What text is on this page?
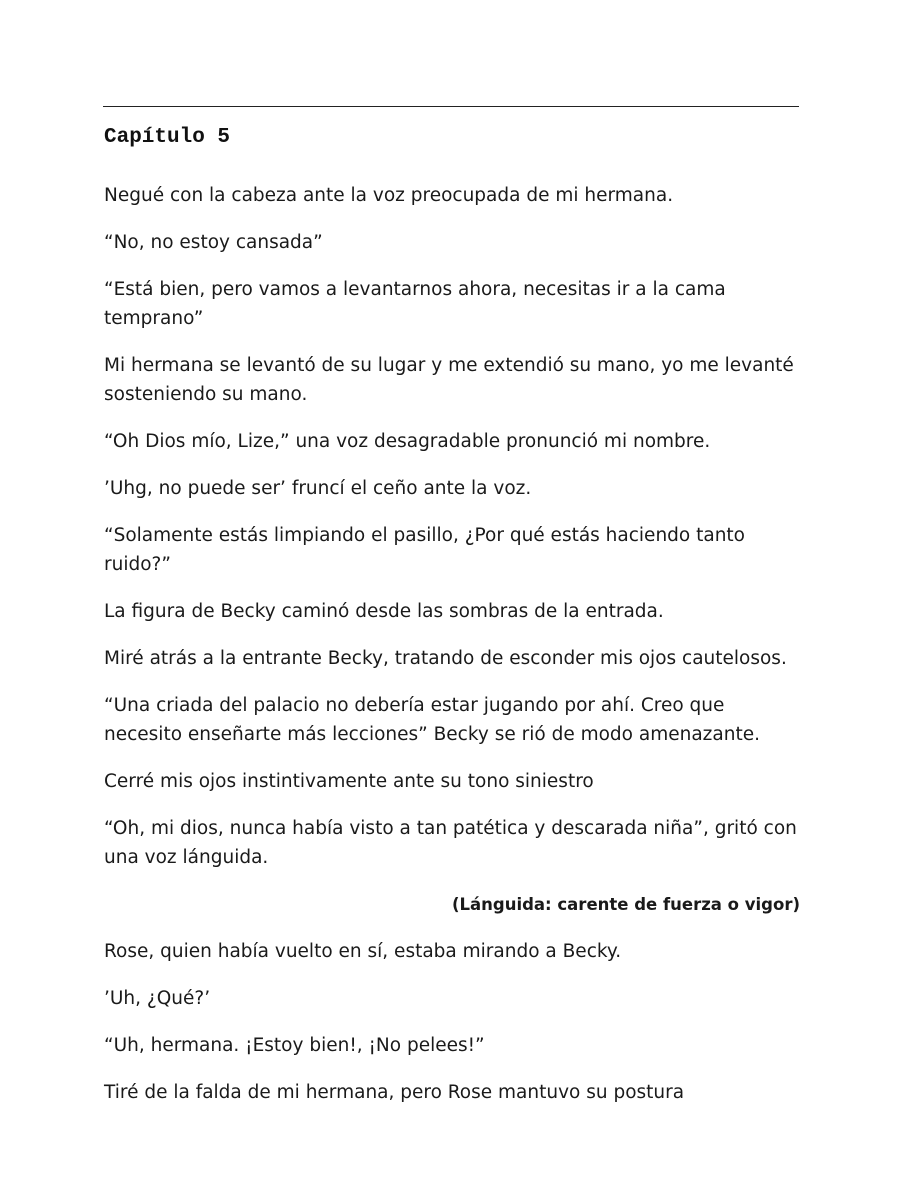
Capítulo 5

Negué con la cabeza ante la voz preocupada de mi hermana.

“No, no estoy cansada”

“Está bien, pero vamos a levantarnos ahora, necesitas ir a la cama temprano”

Mi hermana se levantó de su lugar y me extendió su mano, yo me levanté sosteniendo su mano.

“Oh Dios mío, Lize,” una voz desagradable pronunció mi nombre.

’Uhg, no puede ser’ fruncí el ceño ante la voz.

“Solamente estás limpiando el pasillo, ¿Por qué estás haciendo tanto ruido?”

La figura de Becky caminó desde las sombras de la entrada.

Miré atrás a la entrante Becky, tratando de esconder mis ojos cautelosos.

“Una criada del palacio no debería estar jugando por ahí. Creo que necesito enseñarte más lecciones” Becky se rió de modo amenazante.

Cerré mis ojos instintivamente ante su tono siniestro

“Oh, mi dios, nunca había visto a tan patética y descarada niña”, gritó con una voz lánguida.

(Lánguida: carente de fuerza o vigor)

Rose, quien había vuelto en sí, estaba mirando a Becky.

’Uh, ¿Qué?’

“Uh, hermana. ¡Estoy bien!, ¡No pelees!”

Tiré de la falda de mi hermana, pero Rose mantuvo su postura
